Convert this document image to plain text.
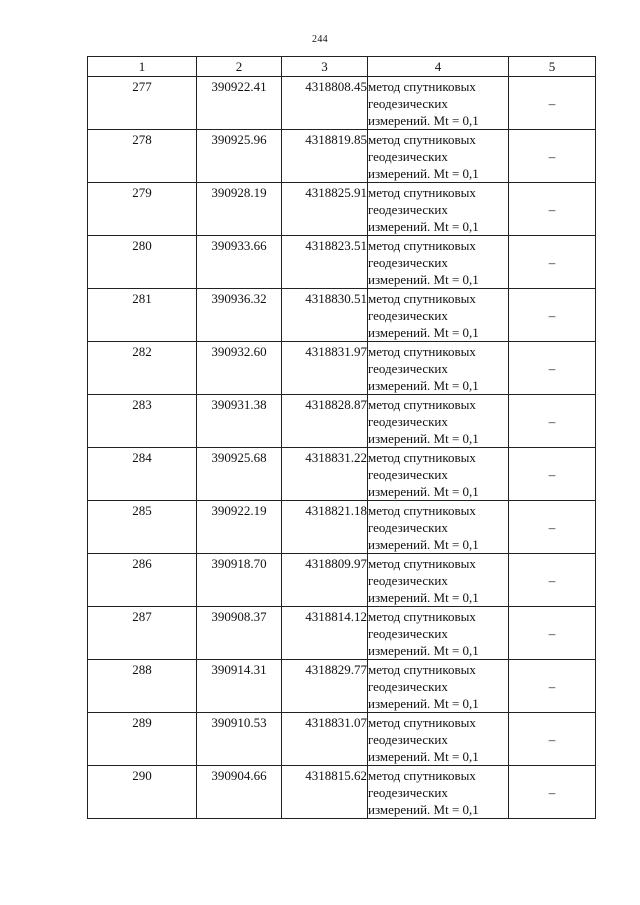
244
1	2	3	4	5
277	390922.41	4318808.45	метод спутниковых
геодезических
измерений. Mt = 0,1	–
278	390925.96	4318819.85	метод спутниковых
геодезических
измерений. Mt = 0,1	–
279	390928.19	4318825.91	метод спутниковых
геодезических
измерений. Mt = 0,1	–
280	390933.66	4318823.51	метод спутниковых
геодезических
измерений. Mt = 0,1	–
281	390936.32	4318830.51	метод спутниковых
геодезических
измерений. Mt = 0,1	–
282	390932.60	4318831.97	метод спутниковых
геодезических
измерений. Mt = 0,1	–
283	390931.38	4318828.87	метод спутниковых
геодезических
измерений. Mt = 0,1	–
284	390925.68	4318831.22	метод спутниковых
геодезических
измерений. Mt = 0,1	–
285	390922.19	4318821.18	метод спутниковых
геодезических
измерений. Mt = 0,1	–
286	390918.70	4318809.97	метод спутниковых
геодезических
измерений. Mt = 0,1	–
287	390908.37	4318814.12	метод спутниковых
геодезических
измерений. Mt = 0,1	–
288	390914.31	4318829.77	метод спутниковых
геодезических
измерений. Mt = 0,1	–
289	390910.53	4318831.07	метод спутниковых
геодезических
измерений. Mt = 0,1	–
290	390904.66	4318815.62	метод спутниковых
геодезических
измерений. Mt = 0,1	–
